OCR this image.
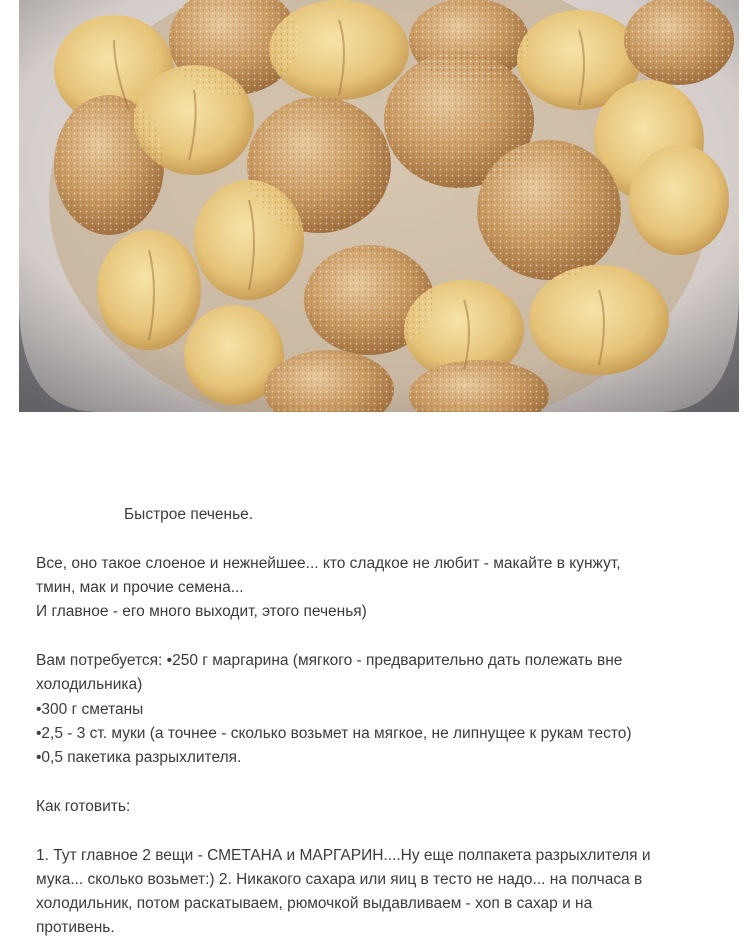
Быстрое печенье.
Все, оно такое слоеное и нежнейшее... кто сладкое не любит - макайте в кунжут,
тмин, мак и прочие семена...
И главное - его много выходит, этого печенья)
Вам потребуется: •250 г маргарина (мягкого - предварительно дать полежать вне
холодильника)
•300 г сметаны
•2,5 - 3 ст. муки (а точнее - сколько возьмет на мягкое, не липнущее к рукам тесто)
•0,5 пакетика разрыхлителя.
Как готовить:
1. Тут главное 2 вещи - СМЕТАНА и МАРГАРИН....Ну еще полпакета разрыхлителя и
мука... сколько возьмет:) 2. Никакого сахара или яиц в тесто не надо... на полчаса в
холодильник, потом раскатываем, рюмочкой выдавливаем - хоп в сахар и на
противень.
